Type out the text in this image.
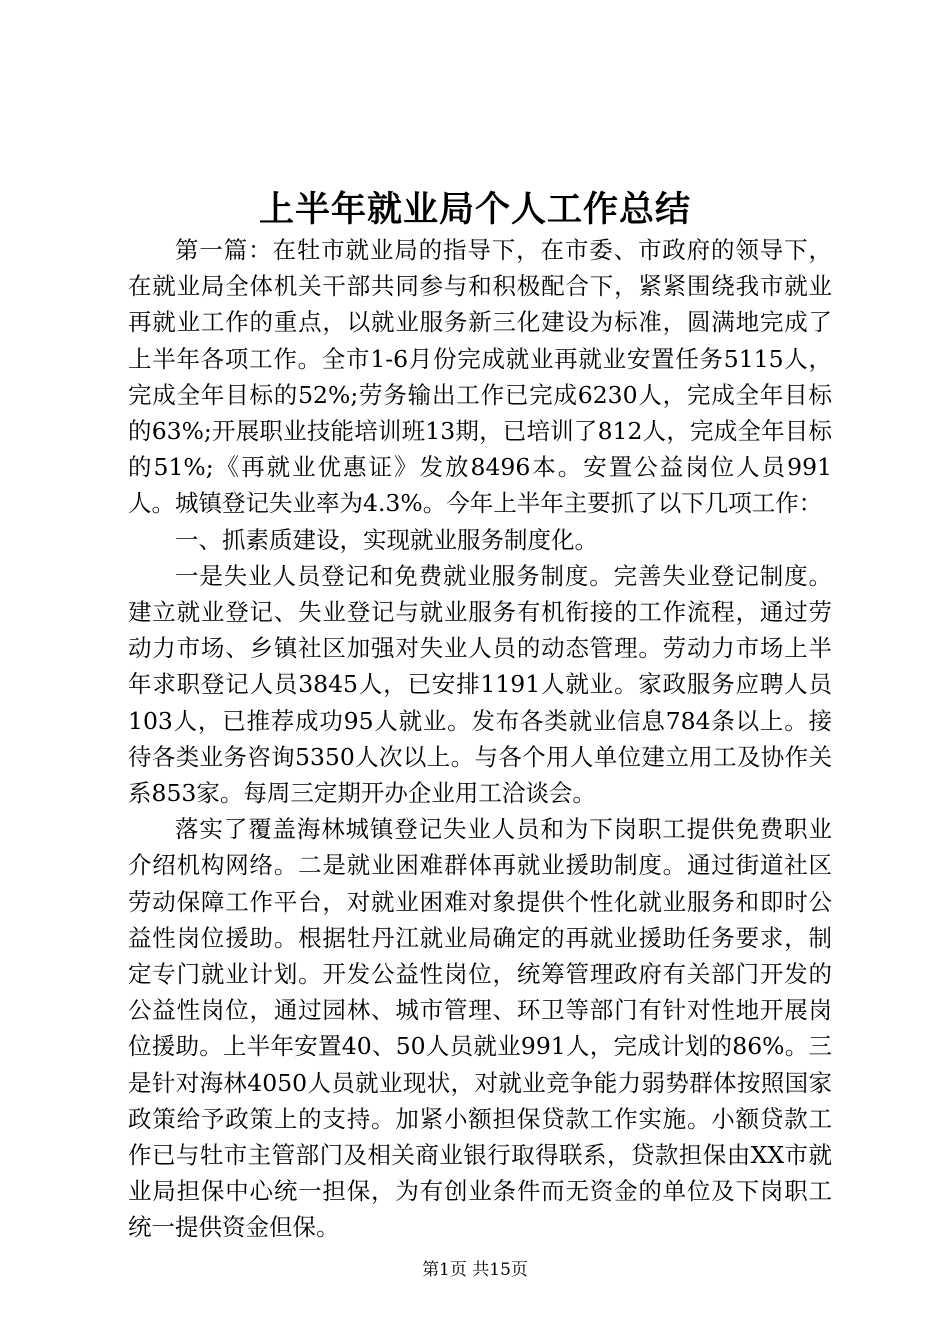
上半年就业局个人工作总结

第一篇：在牡市就业局的指导下，在市委、市政府的领导下，在就业局全体机关干部共同参与和积极配合下，紧紧围绕我市就业再就业工作的重点，以就业服务新三化建设为标准，圆满地完成了上半年各项工作。全市1-6月份完成就业再就业安置任务5115人，完成全年目标的52%;劳务输出工作已完成6230人，完成全年目标的63%;开展职业技能培训班13期，已培训了812人，完成全年目标的51%;《再就业优惠证》发放8496本。安置公益岗位人员991人。城镇登记失业率为4.3%。今年上半年主要抓了以下几项工作：

一、抓素质建设，实现就业服务制度化。

一是失业人员登记和免费就业服务制度。完善失业登记制度。建立就业登记、失业登记与就业服务有机衔接的工作流程，通过劳动力市场、乡镇社区加强对失业人员的动态管理。劳动力市场上半年求职登记人员3845人，已安排1191人就业。家政服务应聘人员103人，已推荐成功95人就业。发布各类就业信息784条以上。接待各类业务咨询5350人次以上。与各个用人单位建立用工及协作关系853家。每周三定期开办企业用工洽谈会。

落实了覆盖海林城镇登记失业人员和为下岗职工提供免费职业介绍机构网络。二是就业困难群体再就业援助制度。通过街道社区劳动保障工作平台，对就业困难对象提供个性化就业服务和即时公益性岗位援助。根据牡丹江就业局确定的再就业援助任务要求，制定专门就业计划。开发公益性岗位，统筹管理政府有关部门开发的公益性岗位，通过园林、城市管理、环卫等部门有针对性地开展岗位援助。上半年安置40、50人员就业991人，完成计划的86%。三是针对海林4050人员就业现状，对就业竞争能力弱势群体按照国家政策给予政策上的支持。加紧小额担保贷款工作实施。小额贷款工作已与牡市主管部门及相关商业银行取得联系，贷款担保由XX市就业局担保中心统一担保，为有创业条件而无资金的单位及下岗职工统一提供资金但保。

第1页 共15页
